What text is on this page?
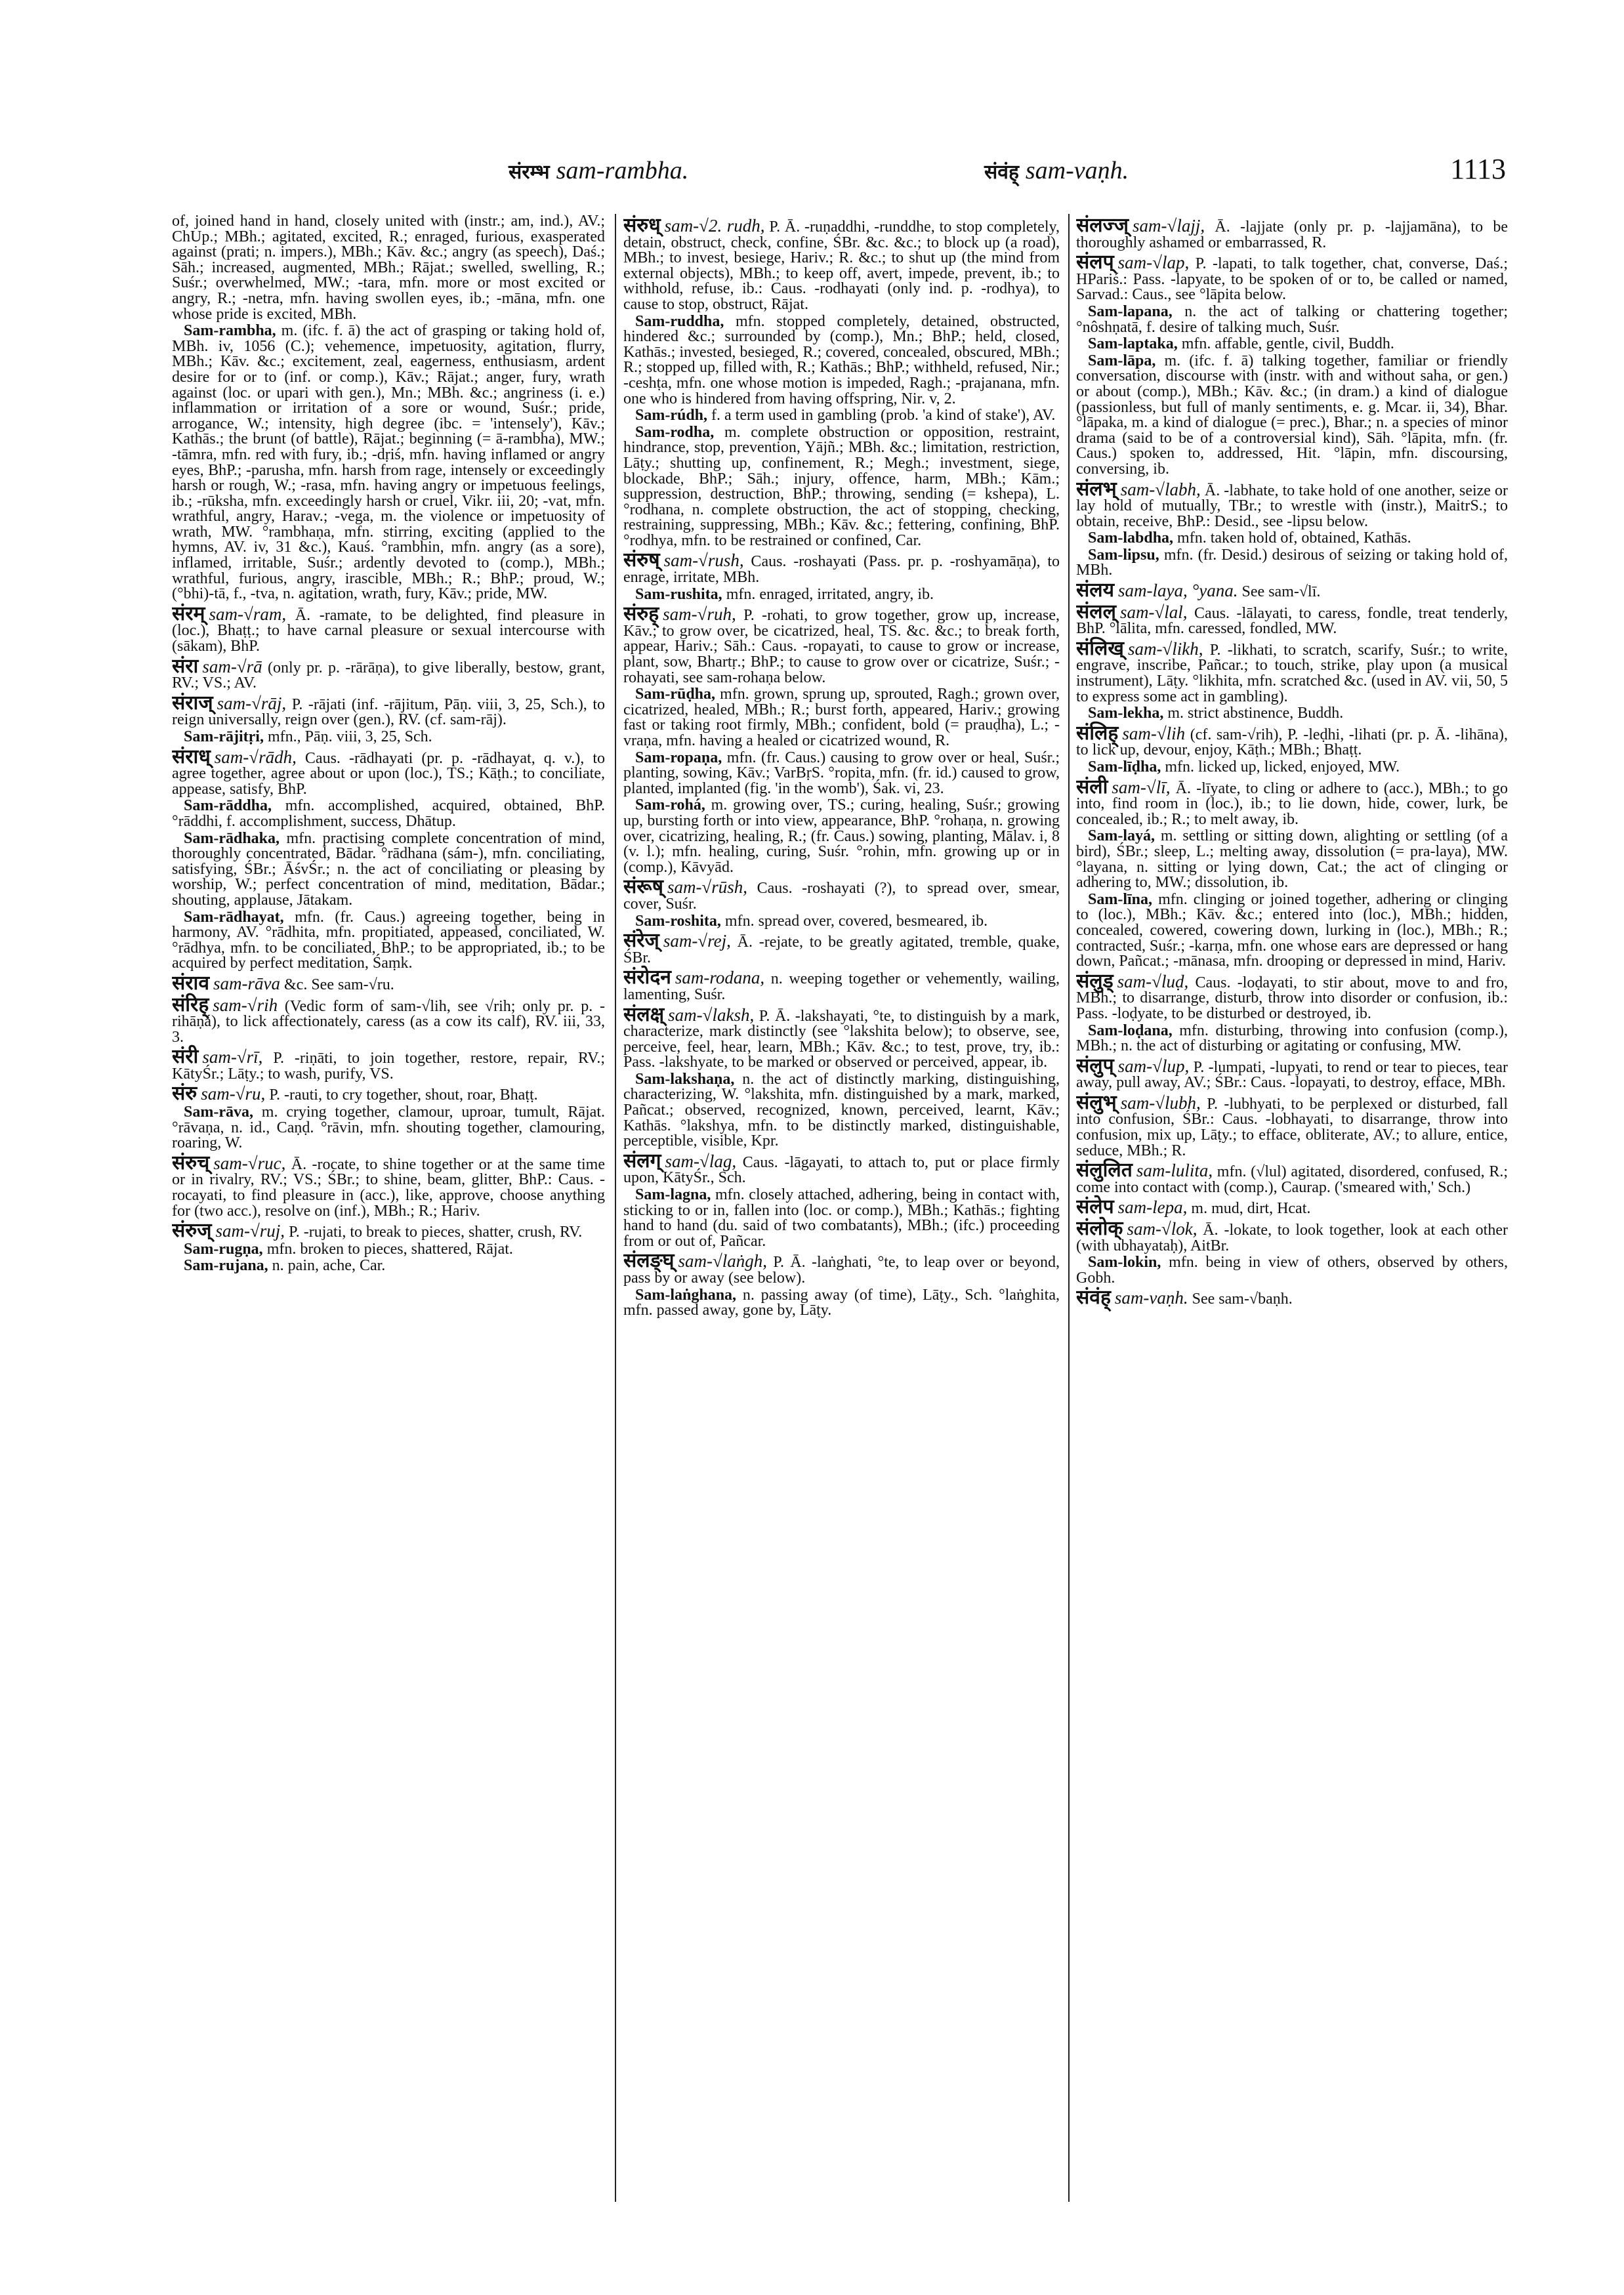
संरम्भ sam-rambha.	संवंह् sam-vaṇh.	1113

of, joined hand in hand, closely united with (instr.; am, ind.), AV.; ChUp.; MBh.; agitated, excited, R.; enraged, furious, exasperated against (prati; n. impers.), MBh.; Kāv. &c.; angry (as speech), Daś.; Sāh.; increased, augmented, MBh.; Rājat.; swelled, swelling, R.; Suśr.; overwhelmed, MW.; -tara, mfn. more or most excited or angry, R.; -netra, mfn. having swollen eyes, ib.; -māna, mfn. one whose pride is excited, MBh.

Sam-rambha, m. (ifc. f. ā) the act of grasping or taking hold of, MBh. iv, 1056 (C.); vehemence, impetuosity, agitation, flurry, MBh.; Kāv. &c.; excitement, zeal, eagerness, enthusiasm, ardent desire for or to (inf. or comp.), Kāv.; Rājat.; anger, fury, wrath against (loc. or upari with gen.), Mn.; MBh. &c.; angriness (i. e.) inflammation or irritation of a sore or wound, Suśr.; pride, arrogance, W.; intensity, high degree (ibc. = 'intensely'), Kāv.; Kathās.; the brunt (of battle), Rājat.; beginning (= ā-rambha), MW.; -tāmra, mfn. red with fury, ib.; -dṛiś, mfn. having inflamed or angry eyes, BhP.; -parusha, mfn. harsh from rage, intensely or exceedingly harsh or rough, W.; -rasa, mfn. having angry or impetuous feelings, ib.; -rūksha, mfn. exceedingly harsh or cruel, Vikr. iii, 20; -vat, mfn. wrathful, angry, Harav.; -vega, m. the violence or impetuosity of wrath, MW. °rambhaṇa, mfn. stirring, exciting (applied to the hymns, AV. iv, 31 &c.), Kauś. °rambhin, mfn. angry (as a sore), inflamed, irritable, Suśr.; ardently devoted to (comp.), MBh.; wrathful, furious, angry, irascible, MBh.; R.; BhP.; proud, W.; (°bhi)-tā, f., -tva, n. agitation, wrath, fury, Kāv.; pride, MW.

संरम् sam-√ram, Ā. -ramate, to be delighted, find pleasure in (loc.), Bhaṭṭ.; to have carnal pleasure or sexual intercourse with (sākam), BhP.

संरा sam-√rā (only pr. p. -rārāṇa), to give liberally, bestow, grant, RV.; VS.; AV.

संराज् sam-√rāj, P. -rājati (inf. -rājitum, Pāṇ. viii, 3, 25, Sch.), to reign universally, reign over (gen.), RV. (cf. sam-rāj).

Sam-rājitṛi, mfn., Pāṇ. viii, 3, 25, Sch.

संराध् sam-√rādh, Caus. -rādhayati (pr. p. -rādhayat, q. v.), to agree together, agree about or upon (loc.), TS.; Kāṭh.; to conciliate, appease, satisfy, BhP.

Sam-rāddha, mfn. accomplished, acquired, obtained, BhP. °rāddhi, f. accomplishment, success, Dhātup.

Sam-rādhaka, mfn. practising complete concentration of mind, thoroughly concentrated, Bādar. °rādhana (sám-), mfn. conciliating, satisfying, ŚBr.; ĀśvŚr.; n. the act of conciliating or pleasing by worship, W.; perfect concentration of mind, meditation, Bādar.; shouting, applause, Jātakam.

Sam-rādhayat, mfn. (fr. Caus.) agreeing together, being in harmony, AV. °rādhita, mfn. propitiated, appeased, conciliated, W. °rādhya, mfn. to be conciliated, BhP.; to be appropriated, ib.; to be acquired by perfect meditation, Śaṃk.

संराव sam-rāva &c. See sam-√ru.

संरिह् sam-√rih (Vedic form of sam-√lih, see √rih; only pr. p. -rihāṇá), to lick affectionately, caress (as a cow its calf), RV. iii, 33, 3.

संरी sam-√rī, P. -riṇāti, to join together, restore, repair, RV.; KātyŚr.; Lāṭy.; to wash, purify, VS.

संरु sam-√ru, P. -rauti, to cry together, shout, roar, Bhaṭṭ.

Sam-rāva, m. crying together, clamour, uproar, tumult, Rājat. °rāvaṇa, n. id., Caṇḍ. °rāvin, mfn. shouting together, clamouring, roaring, W.

संरुच् sam-√ruc, Ā. -rocate, to shine together or at the same time or in rivalry, RV.; VS.; ŚBr.; to shine, beam, glitter, BhP.: Caus. -rocayati, to find pleasure in (acc.), like, approve, choose anything for (two acc.), resolve on (inf.), MBh.; R.; Hariv.

संरुज् sam-√ruj, P. -rujati, to break to pieces, shatter, crush, RV.

Sam-rugṇa, mfn. broken to pieces, shattered, Rājat.

Sam-rujana, n. pain, ache, Car.

संरुध् sam-√2. rudh, P. Ā. -ruṇaddhi, -runddhe, to stop completely, detain, obstruct, check, confine, ŚBr. &c. &c.; to block up (a road), MBh.; to invest, besiege, Hariv.; R. &c.; to shut up (the mind from external objects), MBh.; to keep off, avert, impede, prevent, ib.; to withhold, refuse, ib.: Caus. -rodhayati (only ind. p. -rodhya), to cause to stop, obstruct, Rājat.

Sam-ruddha, mfn. stopped completely, detained, obstructed, hindered &c.; surrounded by (comp.), Mn.; BhP.; held, closed, Kathās.; invested, besieged, R.; covered, concealed, obscured, MBh.; R.; stopped up, filled with, R.; Kathās.; BhP.; withheld, refused, Nir.; -ceshṭa, mfn. one whose motion is impeded, Ragh.; -prajanana, mfn. one who is hindered from having offspring, Nir. v, 2.

Sam-rúdh, f. a term used in gambling (prob. 'a kind of stake'), AV.

Sam-rodha, m. complete obstruction or opposition, restraint, hindrance, stop, prevention, Yājñ.; MBh. &c.; limitation, restriction, Lāṭy.; shutting up, confinement, R.; Megh.; investment, siege, blockade, BhP.; Sāh.; injury, offence, harm, MBh.; Kām.; suppression, destruction, BhP.; throwing, sending (= kshepa), L. °rodhana, n. complete obstruction, the act of stopping, checking, restraining, suppressing, MBh.; Kāv. &c.; fettering, confining, BhP. °rodhya, mfn. to be restrained or confined, Car.

संरुष् sam-√rush, Caus. -roshayati (Pass. pr. p. -roshyamāṇa), to enrage, irritate, MBh.

Sam-rushita, mfn. enraged, irritated, angry, ib.

संरुह् sam-√ruh, P. -rohati, to grow together, grow up, increase, Kāv.; to grow over, be cicatrized, heal, TS. &c. &c.; to break forth, appear, Hariv.; Sāh.: Caus. -ropayati, to cause to grow or increase, plant, sow, Bhartṛ.; BhP.; to cause to grow over or cicatrize, Suśr.; -rohayati, see sam-rohaṇa below.

Sam-rūḍha, mfn. grown, sprung up, sprouted, Ragh.; grown over, cicatrized, healed, MBh.; R.; burst forth, appeared, Hariv.; growing fast or taking root firmly, MBh.; confident, bold (= prauḍha), L.; -vraṇa, mfn. having a healed or cicatrized wound, R.

Sam-ropaṇa, mfn. (fr. Caus.) causing to grow over or heal, Suśr.; planting, sowing, Kāv.; VarBṛS. °ropita, mfn. (fr. id.) caused to grow, planted, implanted (fig. 'in the womb'), Śak. vi, 23.

Sam-rohá, m. growing over, TS.; curing, healing, Suśr.; growing up, bursting forth or into view, appearance, BhP. °rohaṇa, n. growing over, cicatrizing, healing, R.; (fr. Caus.) sowing, planting, Mālav. i, 8 (v. l.); mfn. healing, curing, Suśr. °rohin, mfn. growing up or in (comp.), Kāvyād.

संरूष् sam-√rūsh, Caus. -roshayati (?), to spread over, smear, cover, Suśr.

Sam-roshita, mfn. spread over, covered, besmeared, ib.

संरेज् sam-√rej, Ā. -rejate, to be greatly agitated, tremble, quake, ŚBr.

संरोदन sam-rodana, n. weeping together or vehemently, wailing, lamenting, Suśr.

संलक्ष् sam-√laksh, P. Ā. -lakshayati, °te, to distinguish by a mark, characterize, mark distinctly (see °lakshita below); to observe, see, perceive, feel, hear, learn, MBh.; Kāv. &c.; to test, prove, try, ib.: Pass. -lakshyate, to be marked or observed or perceived, appear, ib.

Sam-lakshaṇa, n. the act of distinctly marking, distinguishing, characterizing, W. °lakshita, mfn. distinguished by a mark, marked, Pañcat.; observed, recognized, known, perceived, learnt, Kāv.; Kathās. °lakshya, mfn. to be distinctly marked, distinguishable, perceptible, visible, Kpr.

संलग् sam-√lag, Caus. -lāgayati, to attach to, put or place firmly upon, KātyŚr., Sch.

Sam-lagna, mfn. closely attached, adhering, being in contact with, sticking to or in, fallen into (loc. or comp.), MBh.; Kathās.; fighting hand to hand (du. said of two combatants), MBh.; (ifc.) proceeding from or out of, Pañcar.

संलङ्घ् sam-√laṅgh, P. Ā. -laṅghati, °te, to leap over or beyond, pass by or away (see below).

Sam-laṅghana, n. passing away (of time), Lāṭy., Sch. °laṅghita, mfn. passed away, gone by, Lāṭy.

संलज्ज् sam-√lajj, Ā. -lajjate (only pr. p. -lajjamāna), to be thoroughly ashamed or embarrassed, R.

संलप् sam-√lap, P. -lapati, to talk together, chat, converse, Daś.; HPariś.: Pass. -lapyate, to be spoken of or to, be called or named, Sarvad.: Caus., see °lāpita below.

Sam-lapana, n. the act of talking or chattering together; °nôshṇatā, f. desire of talking much, Suśr.

Sam-laptaka, mfn. affable, gentle, civil, Buddh.

Sam-lāpa, m. (ifc. f. ā) talking together, familiar or friendly conversation, discourse with (instr. with and without saha, or gen.) or about (comp.), MBh.; Kāv. &c.; (in dram.) a kind of dialogue (passionless, but full of manly sentiments, e. g. Mcar. ii, 34), Bhar. °lāpaka, m. a kind of dialogue (= prec.), Bhar.; n. a species of minor drama (said to be of a controversial kind), Sāh. °lāpita, mfn. (fr. Caus.) spoken to, addressed, Hit. °lāpin, mfn. discoursing, conversing, ib.

संलभ् sam-√labh, Ā. -labhate, to take hold of one another, seize or lay hold of mutually, TBr.; to wrestle with (instr.), MaitrS.; to obtain, receive, BhP.: Desid., see -lipsu below.

Sam-labdha, mfn. taken hold of, obtained, Kathās.

Sam-lipsu, mfn. (fr. Desid.) desirous of seizing or taking hold of, MBh.

संलय sam-laya, °yana. See sam-√lī.

संलल् sam-√lal, Caus. -lālayati, to caress, fondle, treat tenderly, BhP. °lālita, mfn. caressed, fondled, MW.

संलिख् sam-√likh, P. -likhati, to scratch, scarify, Suśr.; to write, engrave, inscribe, Pañcar.; to touch, strike, play upon (a musical instrument), Lāṭy. °likhita, mfn. scratched &c. (used in AV. vii, 50, 5 to express some act in gambling).

Sam-lekha, m. strict abstinence, Buddh.

संलिह् sam-√lih (cf. sam-√rih), P. -leḍhi, -lihati (pr. p. Ā. -lihāna), to lick up, devour, enjoy, Kāṭh.; MBh.; Bhaṭṭ.

Sam-līḍha, mfn. licked up, licked, enjoyed, MW.

संली sam-√lī, Ā. -līyate, to cling or adhere to (acc.), MBh.; to go into, find room in (loc.), ib.; to lie down, hide, cower, lurk, be concealed, ib.; R.; to melt away, ib.

Sam-layá, m. settling or sitting down, alighting or settling (of a bird), ŚBr.; sleep, L.; melting away, dissolution (= pra-laya), MW. °layana, n. sitting or lying down, Cat.; the act of clinging or adhering to, MW.; dissolution, ib.

Sam-līna, mfn. clinging or joined together, adhering or clinging to (loc.), MBh.; Kāv. &c.; entered into (loc.), MBh.; hidden, concealed, cowered, cowering down, lurking in (loc.), MBh.; R.; contracted, Suśr.; -karṇa, mfn. one whose ears are depressed or hang down, Pañcat.; -mānasa, mfn. drooping or depressed in mind, Hariv.

संलुड् sam-√luḍ, Caus. -loḍayati, to stir about, move to and fro, MBh.; to disarrange, disturb, throw into disorder or confusion, ib.: Pass. -loḍyate, to be disturbed or destroyed, ib.

Sam-loḍana, mfn. disturbing, throwing into confusion (comp.), MBh.; n. the act of disturbing or agitating or confusing, MW.

संलुप् sam-√lup, P. -lumpati, -lupyati, to rend or tear to pieces, tear away, pull away, AV.; ŚBr.: Caus. -lopayati, to destroy, efface, MBh.

संलुभ् sam-√lubh, P. -lubhyati, to be perplexed or disturbed, fall into confusion, ŚBr.: Caus. -lobhayati, to disarrange, throw into confusion, mix up, Lāṭy.; to efface, obliterate, AV.; to allure, entice, seduce, MBh.; R.

संलुलित sam-lulita, mfn. (√lul) agitated, disordered, confused, R.; come into contact with (comp.), Caurap. ('smeared with,' Sch.)

संलेप sam-lepa, m. mud, dirt, Hcat.

संलोक् sam-√lok, Ā. -lokate, to look together, look at each other (with ubhayataḥ), AitBr.

Sam-lokin, mfn. being in view of others, observed by others, Gobh.

संवंह् sam-vaṇh. See sam-√baṇh.
